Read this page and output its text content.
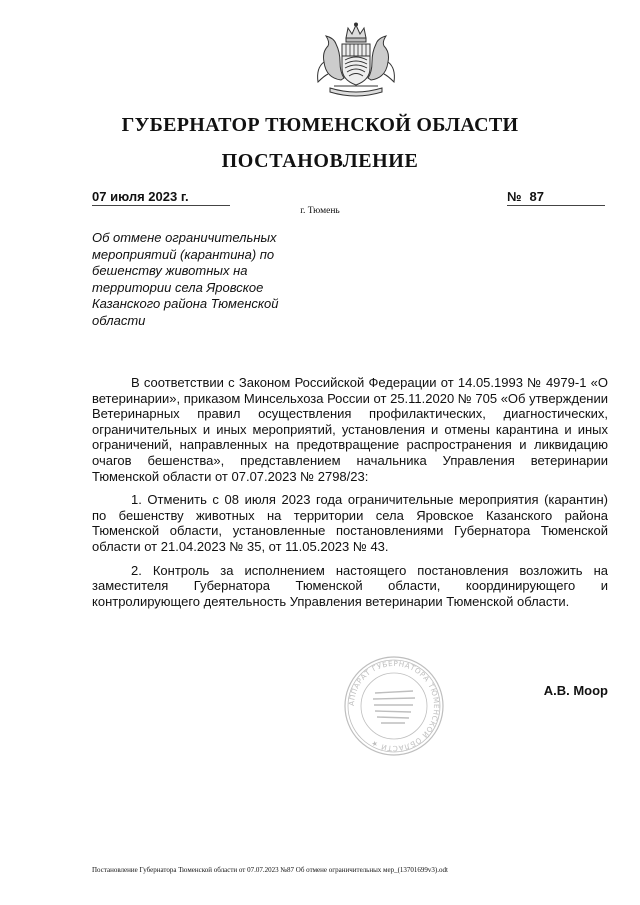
ГУБЕРНАТОР ТЮМЕНСКОЙ ОБЛАСТИ
ПОСТАНОВЛЕНИЕ
07 июля 2023 г.	№ 87
г. Тюмень
Об отмене ограничительных мероприятий (карантина) по бешенству животных на территории села Яровское Казанского района Тюменской области

В соответствии с Законом Российской Федерации от 14.05.1993 № 4979-1 «О ветеринарии», приказом Минсельхоза России от 25.11.2020 № 705 «Об утверждении Ветеринарных правил осуществления профилактических, диагностических, ограничительных и иных мероприятий, установления и отмены карантина и иных ограничений, направленных на предотвращение распространения и ликвидацию очагов бешенства», представлением начальника Управления ветеринарии Тюменской области от 07.07.2023 № 2798/23:

1. Отменить с 08 июля 2023 года ограничительные мероприятия (карантин) по бешенству животных на территории села Яровское Казанского района Тюменской области, установленные постановлениями Губернатора Тюменской области от 21.04.2023 № 35, от 11.05.2023 № 43.

2. Контроль за исполнением настоящего постановления возложить на заместителя Губернатора Тюменской области, координирующего и контролирующего деятельность Управления ветеринарии Тюменской области.

АППАРАТ ГУБЕРНАТОРА ТЮМЕНСКОЙ ОБЛАСТИ ★
А.В. Моор
Постановление Губернатора Тюменской области от 07.07.2023 №87 Об отмене ограничительных мер_(13701699v3).odt
